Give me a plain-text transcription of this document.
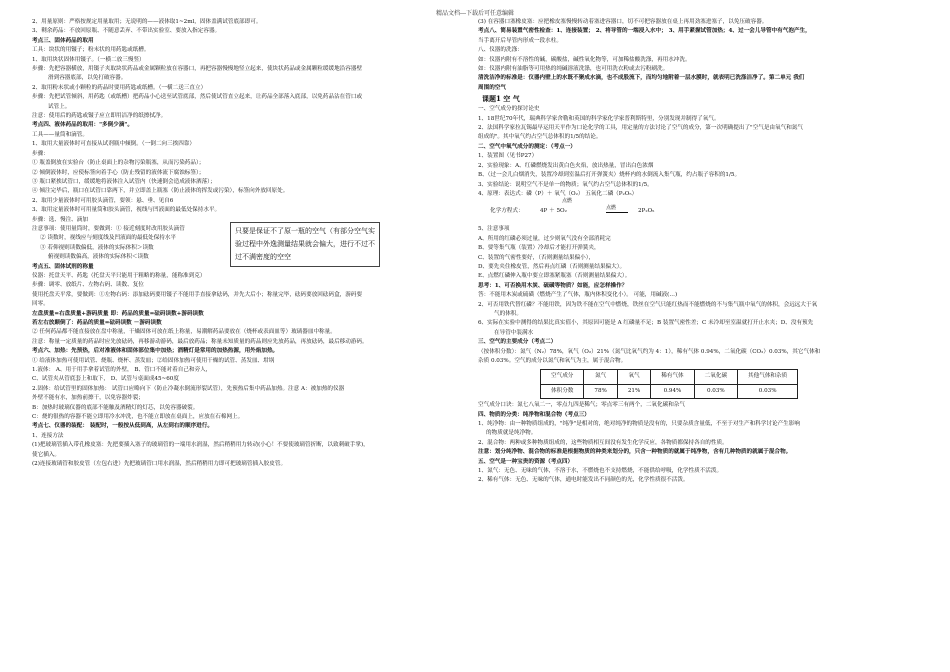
精品文档---下载后可任意编辑
2、用量原则：严格按规定用量取用；无说明的——液体取1~2ml，固体盖满试管底部即可。
3、剩余药品：不放回原瓶、不随意丢弃、不带出实验室、要放入指定容器。
考点三、固体药品的取用
工具：块状的用镊子；粉末状的用药匙或纸槽。
1、取用块状固体用镊子。（一横二放三慢竖）
步骤：先把容器横放，用镊子夹取块状药品或金属颗粒放在容器口，再把容器慢慢地竖立起来，使块状药品或金属颗粒缓缓地沿容器壁
滑到容器底部，以免打破容器。
2、取用粉末状或小颗粒的药品时要用药匙或纸槽。（一横二送三直立）
步骤：先把试管倾斜，用药匙（或纸槽）把药品小心送至试管底部，然后使试管直立起来，让药品全部落入底部，以免药品沾在管口或
试管上。
注意：使用后的药匙或镊子应立即用洁净的纸擦拭净。
考点四、液体药品的取用："多倒少滴"。
工具——量筒和滴管。
1、取用大量液体时可直接从试剂瓶中倾倒。（一倒二向三挨四靠）
步骤：
① 瓶盖倒放在实验台（防止桌面上的杂物污染瓶塞，从而污染药品）；
② 倾倒液体时，应使标签向着手心（防止残留的液体流下腐蚀标签）；
③ 瓶口紧挨试管口，缓缓地将液体注入试管内（快速倒会造成液体洒落）；
④ 倾注完毕后，瓶口在试管口靠两下，并立即盖上瓶塞（防止液体的挥发或污染），标签向外放回原处。
2、取用少量液体时可用胶头滴管，要领：悬、垂、见自6
3、取用定量液体时可用量筒和胶头滴管，视线与凹液面的最低处保持水平。
步骤：选、慢注、滴加
注意事项：使用量筒时，要做到：① 接近刻度时改用胶头滴管
② 读数时，视线应与刻度线及凹液面的最低处保持水平
③ 若仰视则读数偏低，液体的实际体积＞读数
俯视则读数偏高，液体的实际体积＜读数
考点五、固体试剂的称量
仪器：托盘天平、药匙（托盘天平只能用于粗略的称量，能称准到克）
步骤：调零、放纸片、左物右码、读数、复位
使用托盘天平常，要做到：①左物右码：添加砝码要用镊子不能用手直接拿砝码，并先大后小；称量完毕，砝码要放回砝码盒，游码要
回零。
左盘质量=右盘质量+游码质量 即：药品的质量=砝码读数+游码读数
若左右放颠倒了：药品的质量=砝码读数 －游码读数
② 任何药品都不能直接放在盘中称量，干燥固体可放在纸上称量，易潮解药品要放在（烧杯或表面皿等）玻璃器皿中称量。
注意：称量一定质量的药品时应先放砝码，再移游动游码，最后放药品；称量未知质量的药品则应先放药品，再放砝码，最后移动游码。
考点六、加热：先预热，后对准液体和固体部位集中加热；酒精灯是常用的加热热源，用外焰加热。
① 给液体加热可使用试管、烧瓶、烧杯、蒸发皿；②给固体加热可使用干燥的试管、蒸发皿、坩埚
1.液体： A、用于用手拿着试管的外壁， B、管口不能对着自己和旁人，
C、试管夹从管底套上和取下， D、试管与桌面成45~60度
2.固体：给试管里的固体加热： 试管口应略向下（防止冷凝水倒流形裂试管），先预热后集中药品加热。注意 A：被加热的仪器
外壁不能有水，加热前擦干，以免容器炸裂；
B：加热时玻璃仪器的底部不能触及酒精灯的灯芯，以免容器破裂。
C：烧的很热的容器不能立即用冷水冲洗，也不能立即放在桌面上，应放在石棉网上。
考点七、仪器的装配： 装配时，一般按从低到高，从左到右的顺序进行。
1、连接方法
(1)把玻璃管插入带孔橡皮塞：先把要插入塞子的玻璃管的一端用水润湿，然后稍稍用力转动(小心！不要使玻璃管折断，以致刺破手掌)，
使它插入。
(2)连接玻璃管和胶皮管（左包右进）先把玻璃管口用水润湿，然后稍稍用力即可把玻璃管插入胶皮管。
(3) 在容器口塞橡皮塞：应把橡皮塞慢慢转动着塞进容器口，切不可把容器放在桌上再用劲塞进塞子，以免压破容器。
考点八、简易装置气密性检查：1、连接装置； 2、将导管的一端浸入水中； 3、用手紧握试管加热；4、过一会儿导管中有气泡产生，
当手离开后导管内形成一段水柱。
八、仪器的洗涤：
如：仪器内附有不溶性的碱，碳酸盐，碱性氧化物等，可加稀盐酸洗涤，再用水冲洗。
如：仪器内附有油脂等可用热的纯碱溶液洗涤，也可用洗衣粉或去污粉刷洗。
清洗洁净的标准是：仪器内壁上的水既不聚成水滴，也不成股流下，而均匀地附着一层水膜时，就表明已洗涤洁净了。第二单元 我们
周围的空气
课题1 空 气
一、空气成分的探讨论史
1、18世纪70年代，瑞典科学家舍勒和英国的科学家化学家普利斯特里，分别发现并制得了氧气。
2、法国科学家拉瓦锡最早运用天平作为口论化学的工具，用定量的方法讨论了空气的成分，第一次明确提出了"空气是由氧气和氮气
组成的"。其中氧气约占空气总体积的1/5的结论。
二、空气中氧气成分的测定：（考点一）
1、装置图（见书P27）
2、实验现象：A、红磷燃烧发出黄白色火焰，放出热量，冒出白色浓烟
B、（过一会儿白烟消失，装置冷却到室温后打开弹簧夹）烧杯内的水倒流入集气瓶，约占瓶子容积的1/5。
3、实验结论：说明空气不是单一的物质；氧气约占空气总体积的1/5。
4、原理：表达式：磷（P）＋ 氧气（O₂） 五氧化二磷（P₂O₅）
点燃
化学方程式：	4P ＋ 5O₂	点燃	2P₂O₅
5、注意事项
A、所用的红磷必须过量，过少则氧气没有全部消耗完
B、要等集气瓶（装置）冷却后才能打开弹簧夹，
C、装置的气密性要好，（否则测量结果偏小），
D、要先夹住橡皮管，然后再点红磷（否则测量结果偏大）。
E、点燃红磷伸入瓶中要立即塞紧瓶塞（否则测量结果偏大）。
思考：1、可否换用木炭、硫磺等物质？如能，应怎样操作？
答：不能用木炭或硫磺（燃烧产生了气体，瓶内体积变化小）。 可能，用碱液(…)
2、可否用铁代替红磷？不能用铁，因为铁不能在空气中燃烧，铁丝在空气只能红热而不能燃烧的不与集气瓶中氧气的体积，会远远大于氧
气的体积。
6、实际在实验中测得的结果比真实值小，其原因可能是 A 红磷量不足；B 装置气密性差；C 未冷却至室温就打开止水夹；D、没有预先
在导管中装满水
三、空气的主要成分（考点二）
（按体积分数）：氮气（N₂）78%，氧气（O₂）21%（氮气比氧气约为 4：1），稀有气体 0.94%，二氧化碳（CO₂）0.03%，其它气体和
杂质 0.03%。空气的成分以氮气和氧气为主，属于混合物。
空气成分	氮气	氧气	稀有气体	二氧化碳	其他气体和杂质
体积分数	78%	21%	0.94%	0.03%	0.03%
空气成分口诀：氮七八氧二一，零点九四是稀气；零点零三有两个，二氧化碳和杂气
四、物质的分类：纯净物和混合物（考点三）
1、纯净物：由一种物质组成的，"纯净"是相对的，绝对纯净的物质是没有的，只要杂质含量低，不至于对生产和科学讨论产生影响
的物质就是纯净物。
2、混合物：两种或多种物质组成的，这些物质相互间没有发生化学反应，各物质都保持各自的性质。
注意：划分纯净物、混合物的标准是根据物质的种类来划分的，只含一种物质的就属于纯净物，含有几种物质的就属于混合物。
五、空气是一种宝贵的资源（考点四）
1、氮气：无色、无味的气体，不溶于水，不燃烧也不支持燃烧，不能供给呼吸，化学性质不活泼。
2、稀有气体：无色、无味的气体，通电时能发出不同颜色的光，化学性质很不活泼。
只要是保证不了原一瓶的空气（有部分空气实验过程中外逸测量结果就会偏大，进行不过不过不满密度的空空
